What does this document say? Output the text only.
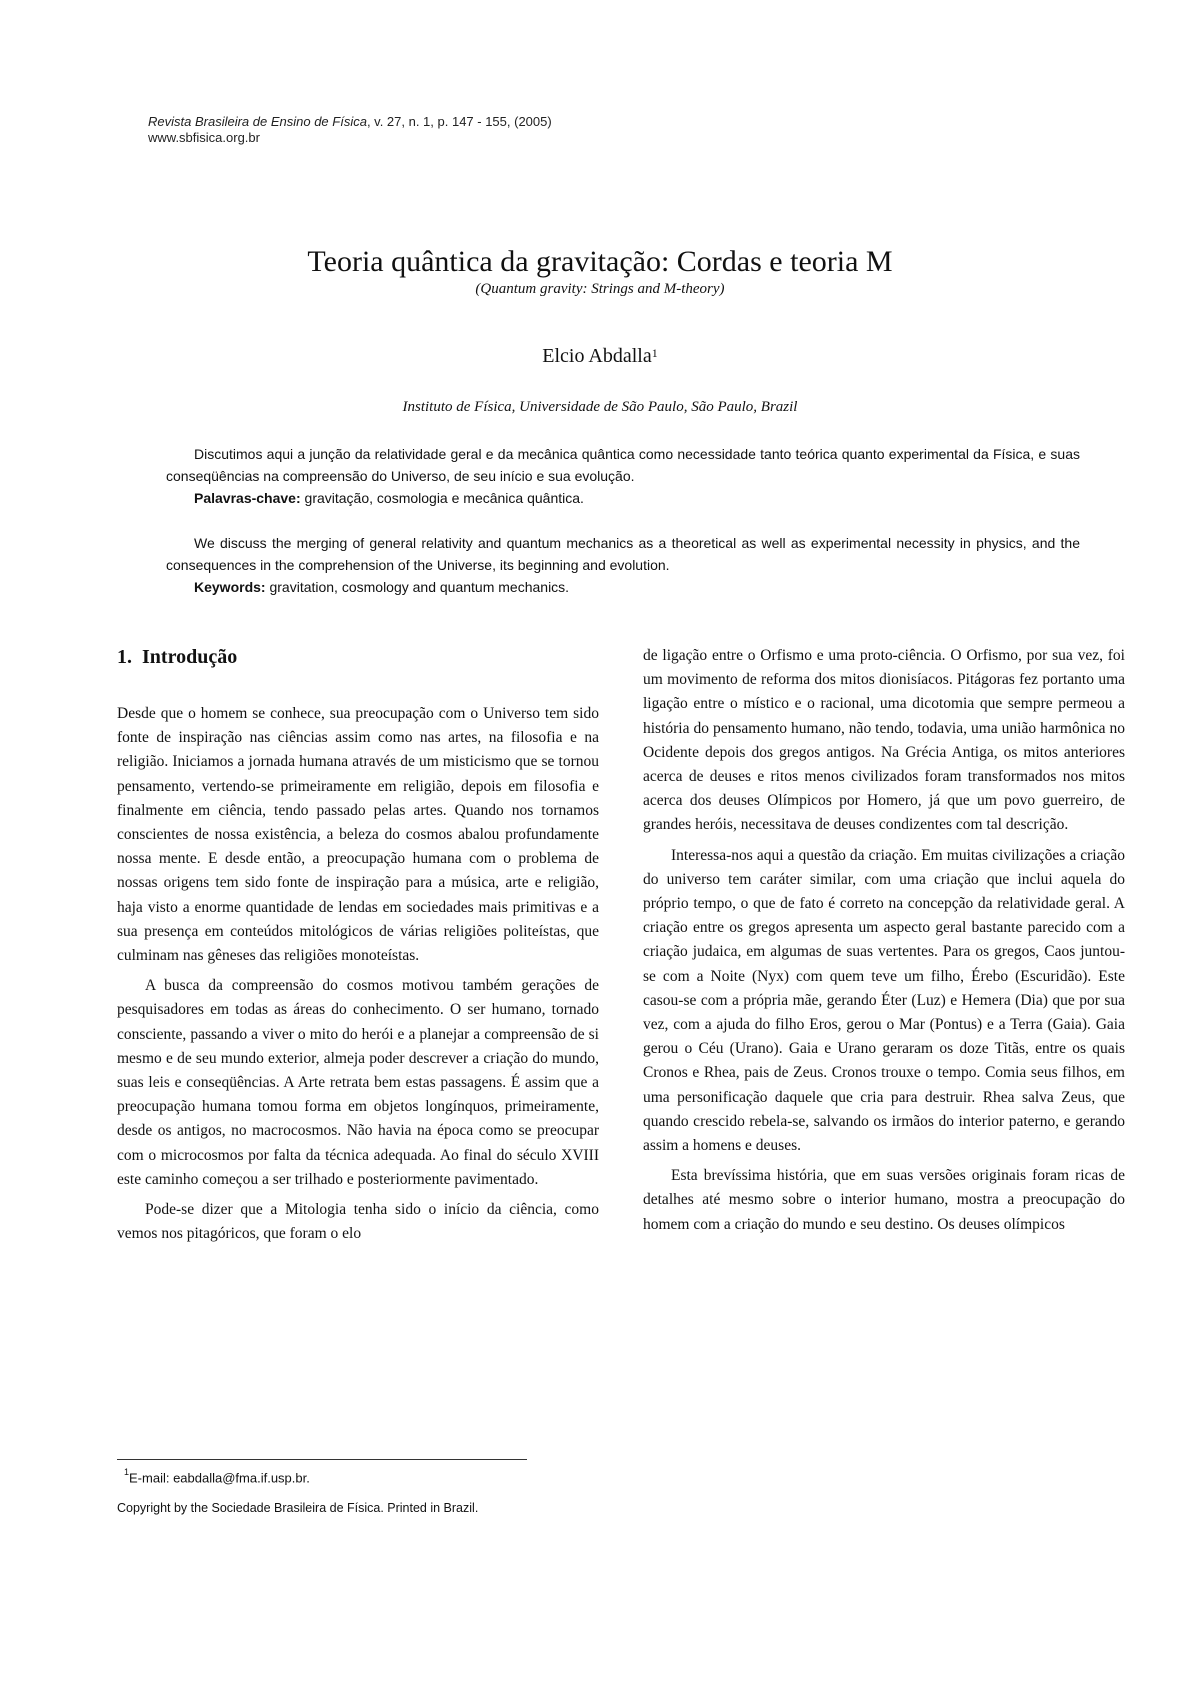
Revista Brasileira de Ensino de Física, v. 27, n. 1, p. 147 - 155, (2005)
www.sbfisica.org.br
Teoria quântica da gravitação: Cordas e teoria M
(Quantum gravity: Strings and M-theory)
Elcio Abdalla$^1$
Instituto de Física, Universidade de São Paulo, São Paulo, Brazil

Discutimos aqui a junção da relatividade geral e da mecânica quântica como necessidade tanto teórica quanto experimental da Física, e suas conseqüências na compreensão do Universo, de seu início e sua evolução.

Palavras-chave: gravitação, cosmologia e mecânica quântica.

We discuss the merging of general relativity and quantum mechanics as a theoretical as well as experimental necessity in physics, and the consequences in the comprehension of the Universe, its beginning and evolution.

Keywords: gravitation, cosmology and quantum mechanics.

1. Introdução

Desde que o homem se conhece, sua preocupação com o Universo tem sido fonte de inspiração nas ciências assim como nas artes, na filosofia e na religião. Iniciamos a jornada humana através de um misticismo que se tornou pensamento, vertendo-se primeiramente em religião, depois em filosofia e finalmente em ciência, tendo passado pelas artes. Quando nos tornamos conscientes de nossa existência, a beleza do cosmos abalou profundamente nossa mente. E desde então, a preocupação humana com o problema de nossas origens tem sido fonte de inspiração para a música, arte e religião, haja visto a enorme quantidade de lendas em sociedades mais primitivas e a sua presença em conteúdos mitológicos de várias religiões politeístas, que culminam nas gêneses das religiões monoteístas.

A busca da compreensão do cosmos motivou também gerações de pesquisadores em todas as áreas do conhecimento. O ser humano, tornado consciente, passando a viver o mito do herói e a planejar a compreensão de si mesmo e de seu mundo exterior, almeja poder descrever a criação do mundo, suas leis e conseqüências. A Arte retrata bem estas passagens. É assim que a preocupação humana tomou forma em objetos longínquos, primeiramente, desde os antigos, no macrocosmos. Não havia na época como se preocupar com o microcosmos por falta da técnica adequada. Ao final do século XVIII este caminho começou a ser trilhado e posteriormente pavimentado.

Pode-se dizer que a Mitologia tenha sido o início da ciência, como vemos nos pitagóricos, que foram o elo

de ligação entre o Orfismo e uma proto-ciência. O Orfismo, por sua vez, foi um movimento de reforma dos mitos dionisíacos. Pitágoras fez portanto uma ligação entre o místico e o racional, uma dicotomia que sempre permeou a história do pensamento humano, não tendo, todavia, uma união harmônica no Ocidente depois dos gregos antigos. Na Grécia Antiga, os mitos anteriores acerca de deuses e ritos menos civilizados foram transformados nos mitos acerca dos deuses Olímpicos por Homero, já que um povo guerreiro, de grandes heróis, necessitava de deuses condizentes com tal descrição.

Interessa-nos aqui a questão da criação. Em muitas civilizações a criação do universo tem caráter similar, com uma criação que inclui aquela do próprio tempo, o que de fato é correto na concepção da relatividade geral. A criação entre os gregos apresenta um aspecto geral bastante parecido com a criação judaica, em algumas de suas vertentes. Para os gregos, Caos juntou-se com a Noite (Nyx) com quem teve um filho, Érebo (Escuridão). Este casou-se com a própria mãe, gerando Éter (Luz) e Hemera (Dia) que por sua vez, com a ajuda do filho Eros, gerou o Mar (Pontus) e a Terra (Gaia). Gaia gerou o Céu (Urano). Gaia e Urano geraram os doze Titãs, entre os quais Cronos e Rhea, pais de Zeus. Cronos trouxe o tempo. Comia seus filhos, em uma personificação daquele que cria para destruir. Rhea salva Zeus, que quando crescido rebela-se, salvando os irmãos do interior paterno, e gerando assim a homens e deuses.

Esta brevíssima história, que em suas versões originais foram ricas de detalhes até mesmo sobre o interior humano, mostra a preocupação do homem com a criação do mundo e seu destino. Os deuses olímpicos

$^1$E-mail: eabdalla@fma.if.usp.br.
Copyright by the Sociedade Brasileira de Física. Printed in Brazil.
